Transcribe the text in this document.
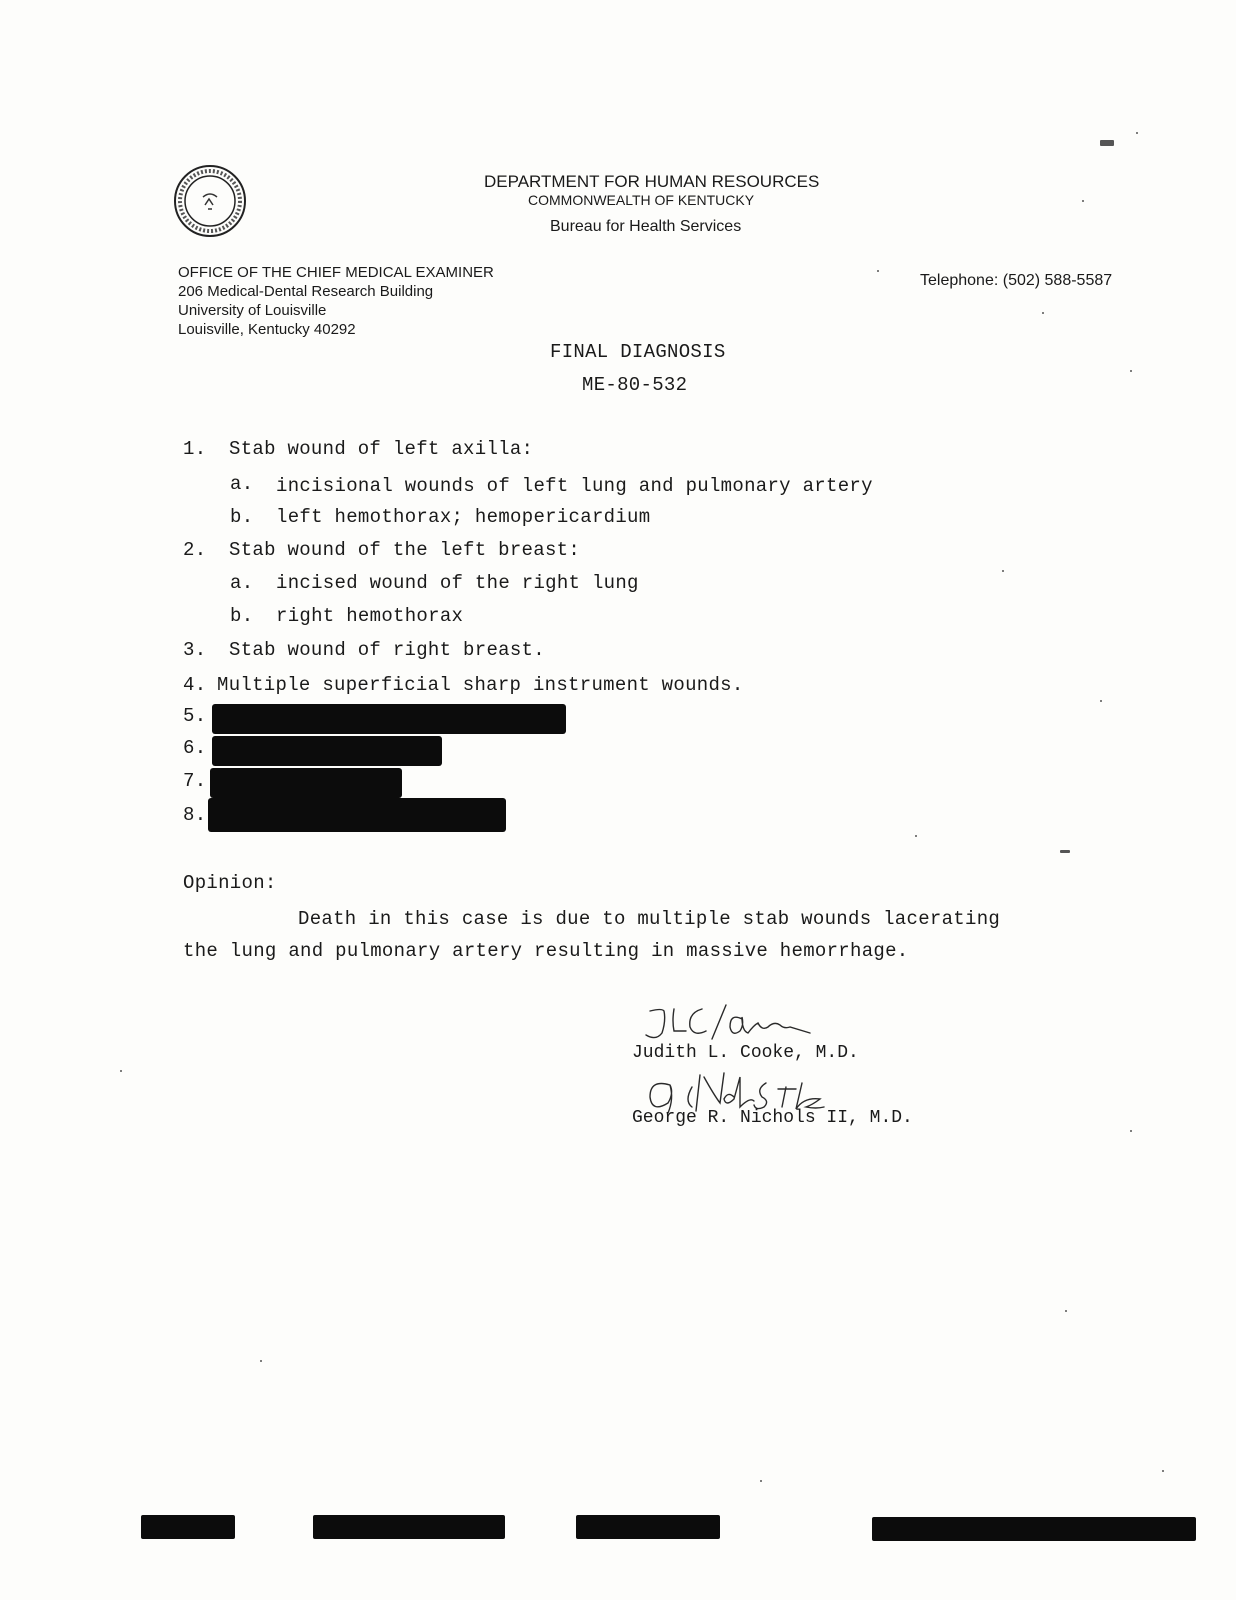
DEPARTMENT FOR HUMAN RESOURCES
COMMONWEALTH OF KENTUCKY
Bureau for Health Services
OFFICE OF THE CHIEF MEDICAL EXAMINER
206 Medical-Dental Research Building
University of Louisville
Louisville, Kentucky 40292
Telephone: (502) 588-5587
FINAL DIAGNOSIS
ME-80-532
1. Stab wound of left axilla:
a. incisional wounds of left lung and pulmonary artery
b. left hemothorax; hemopericardium
2. Stab wound of the left breast:
a. incised wound of the right lung
b. right hemothorax
3. Stab wound of right breast.
4. Multiple superficial sharp instrument wounds.
5.
6.
7.
8.
Opinion:
Death in this case is due to multiple stab wounds lacerating
the lung and pulmonary artery resulting in massive hemorrhage.
Judith L. Cooke, M.D.
George R. Nichols II, M.D.
